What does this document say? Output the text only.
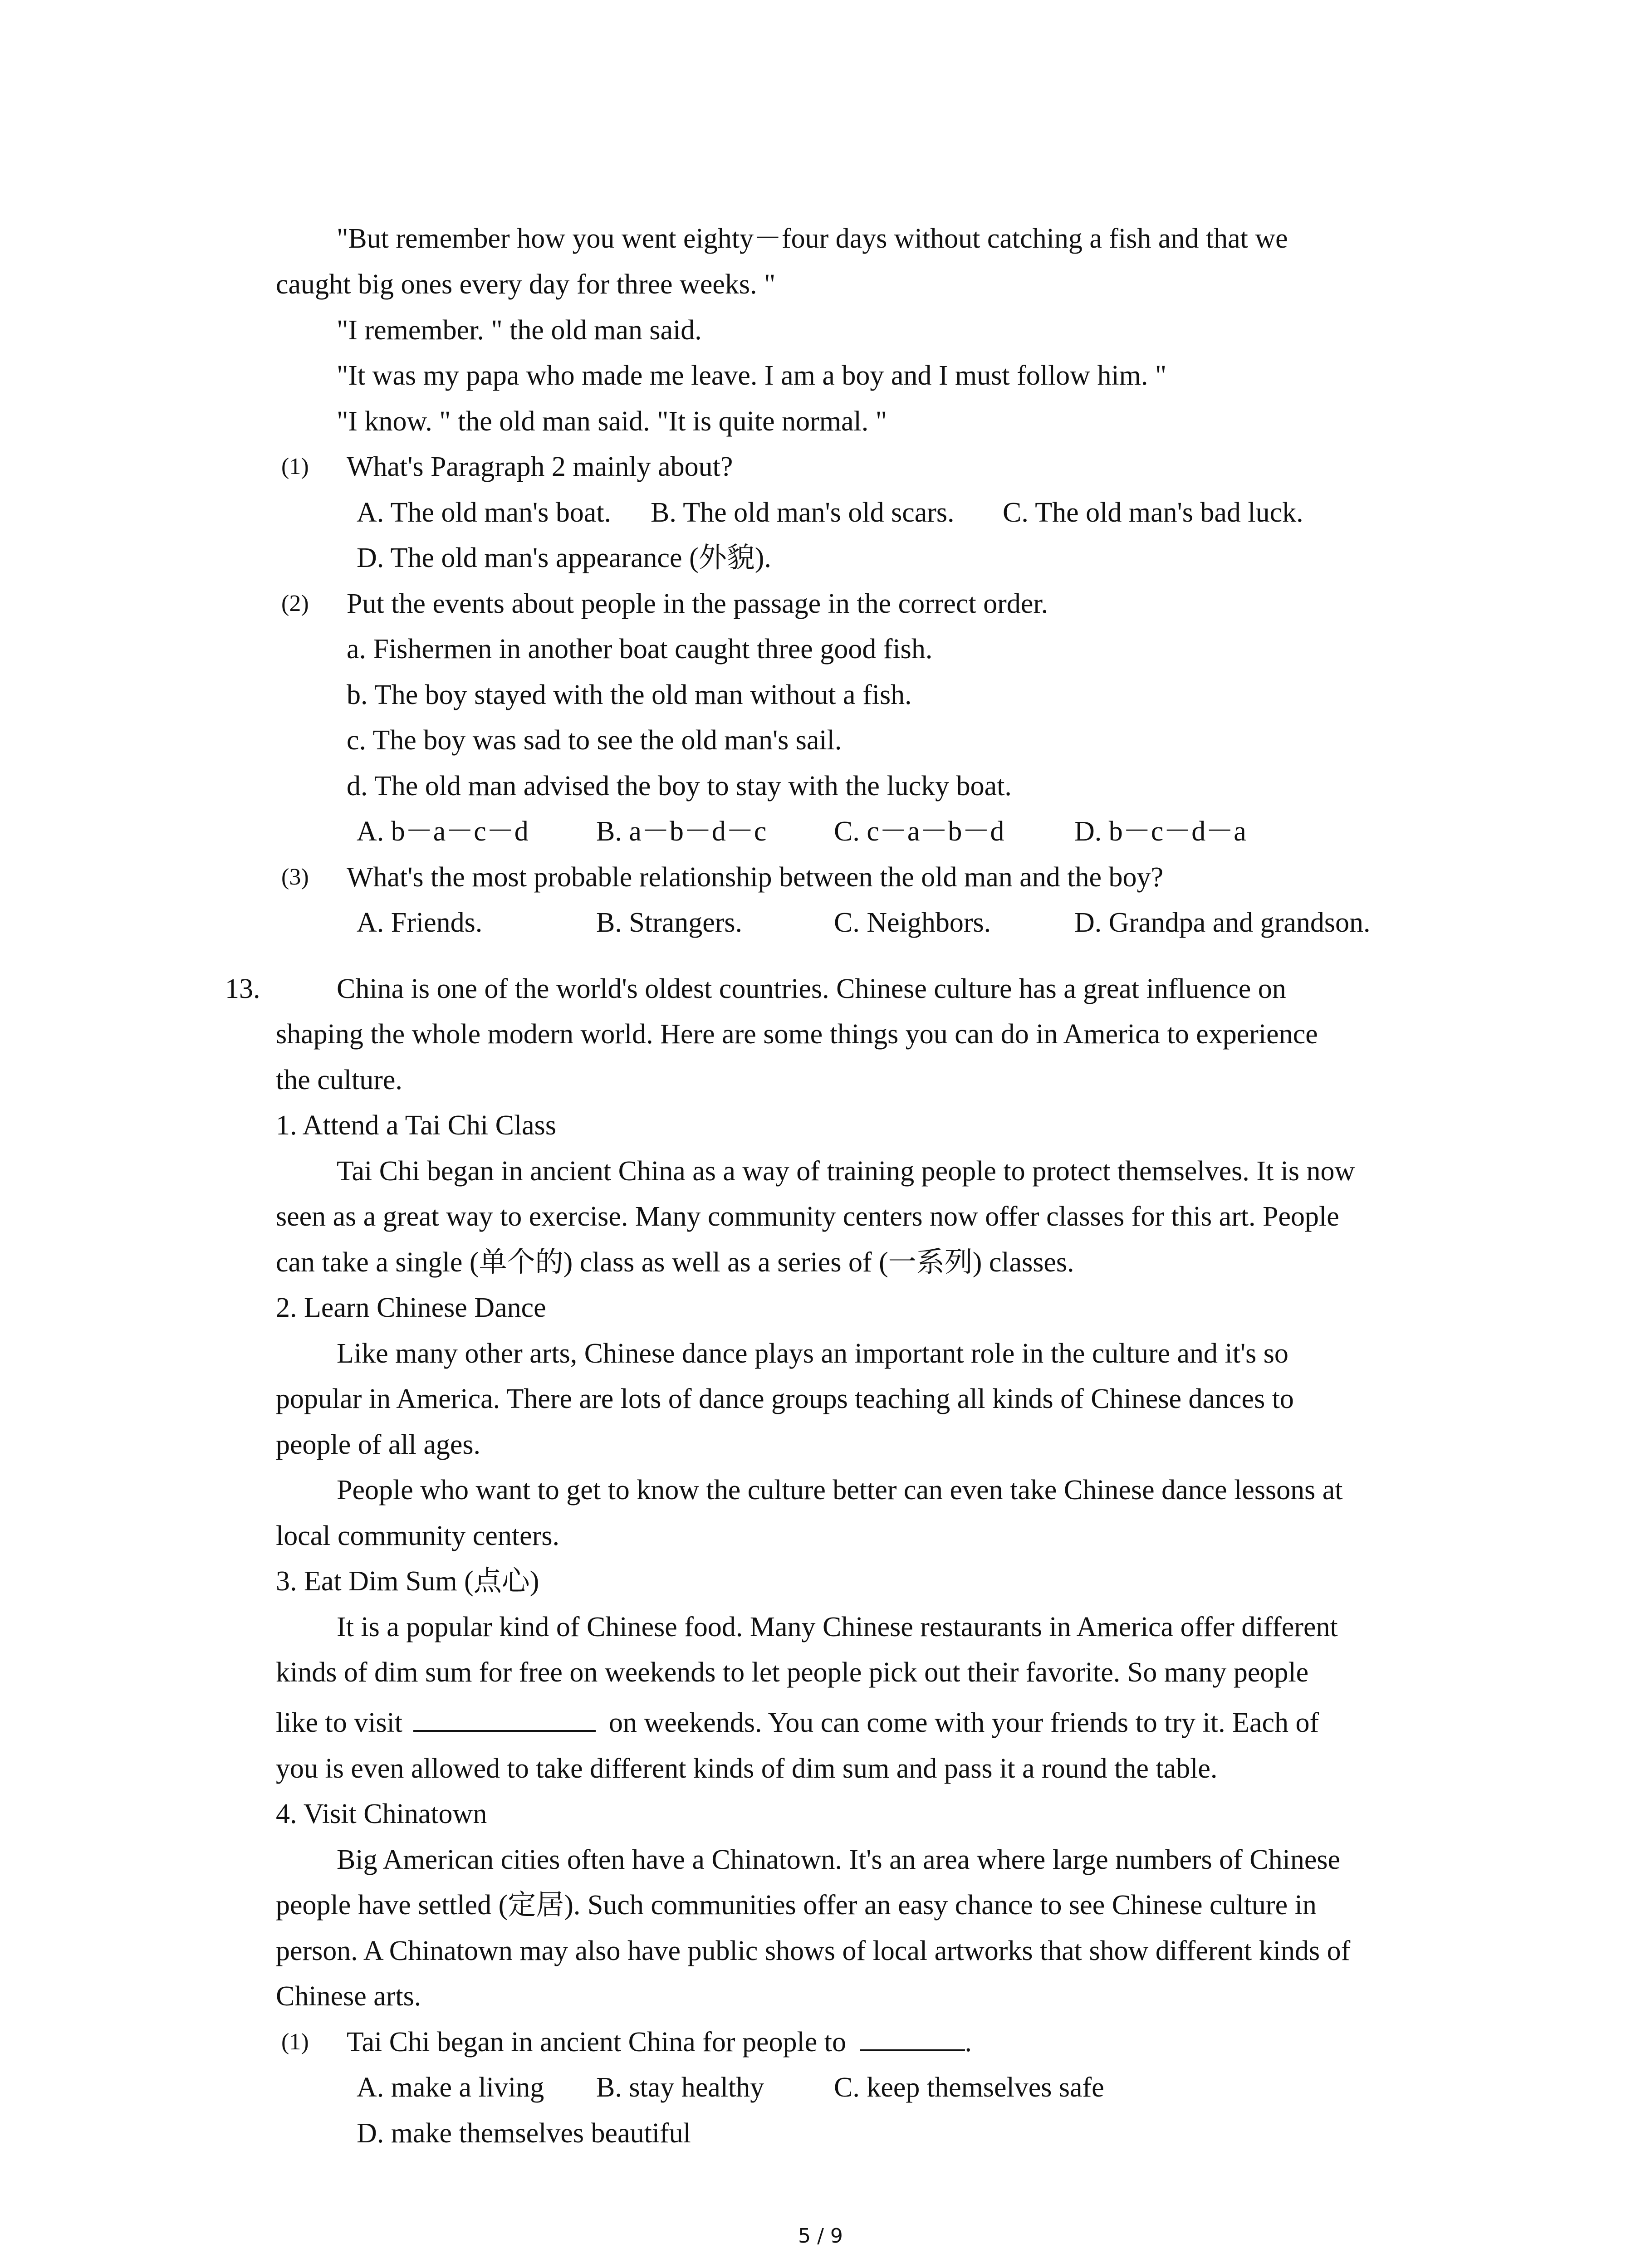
"But remember how you went eighty－four days without catching a fish and that we
caught big ones every day for three weeks. "
"I remember. " the old man said.
"It was my papa who made me leave. I am a boy and I must follow him. "
"I know. " the old man said. "It is quite normal. "
(1) What's Paragraph 2 mainly about?
A. The old man's boat. B. The old man's old scars. C. The old man's bad luck.
D. The old man's appearance (外貌).
(2) Put the events about people in the passage in the correct order.
a. Fishermen in another boat caught three good fish.
b. The boy stayed with the old man without a fish.
c. The boy was sad to see the old man's sail.
d. The old man advised the boy to stay with the lucky boat.
A. b－a－c－d B. a－b－d－c C. c－a－b－d D. b－c－d－a
(3) What's the most probable relationship between the old man and the boy?
A. Friends.	B. Strangers.	C. Neighbors.	D. Grandpa and grandson.
13.	China is one of the world's oldest countries. Chinese culture has a great influence on
shaping the whole modern world. Here are some things you can do in America to experience
the culture.
1. Attend a Tai Chi Class
Tai Chi began in ancient China as a way of training people to protect themselves. It is now
seen as a great way to exercise. Many community centers now offer classes for this art. People
can take a single (单个的) class as well as a series of (一系列) classes.
2. Learn Chinese Dance
Like many other arts, Chinese dance plays an important role in the culture and it's so
popular in America. There are lots of dance groups teaching all kinds of Chinese dances to
people of all ages.
People who want to get to know the culture better can even take Chinese dance lessons at
local community centers.
3. Eat Dim Sum (点心)
It is a popular kind of Chinese food. Many Chinese restaurants in America offer different
kinds of dim sum for free on weekends to let people pick out their favorite. So many people
like to visit	on weekends. You can come with your friends to try it. Each of
you is even allowed to take different kinds of dim sum and pass it a round the table.
4. Visit Chinatown
Big American cities often have a Chinatown. It's an area where large numbers of Chinese
people have settled (定居). Such communities offer an easy chance to see Chinese culture in
person. A Chinatown may also have public shows of local artworks that show different kinds of
Chinese arts.
(1) Tai Chi began in ancient China for people to	.
A. make a living B. stay healthy C. keep themselves safe
D. make themselves beautiful
5 / 9
